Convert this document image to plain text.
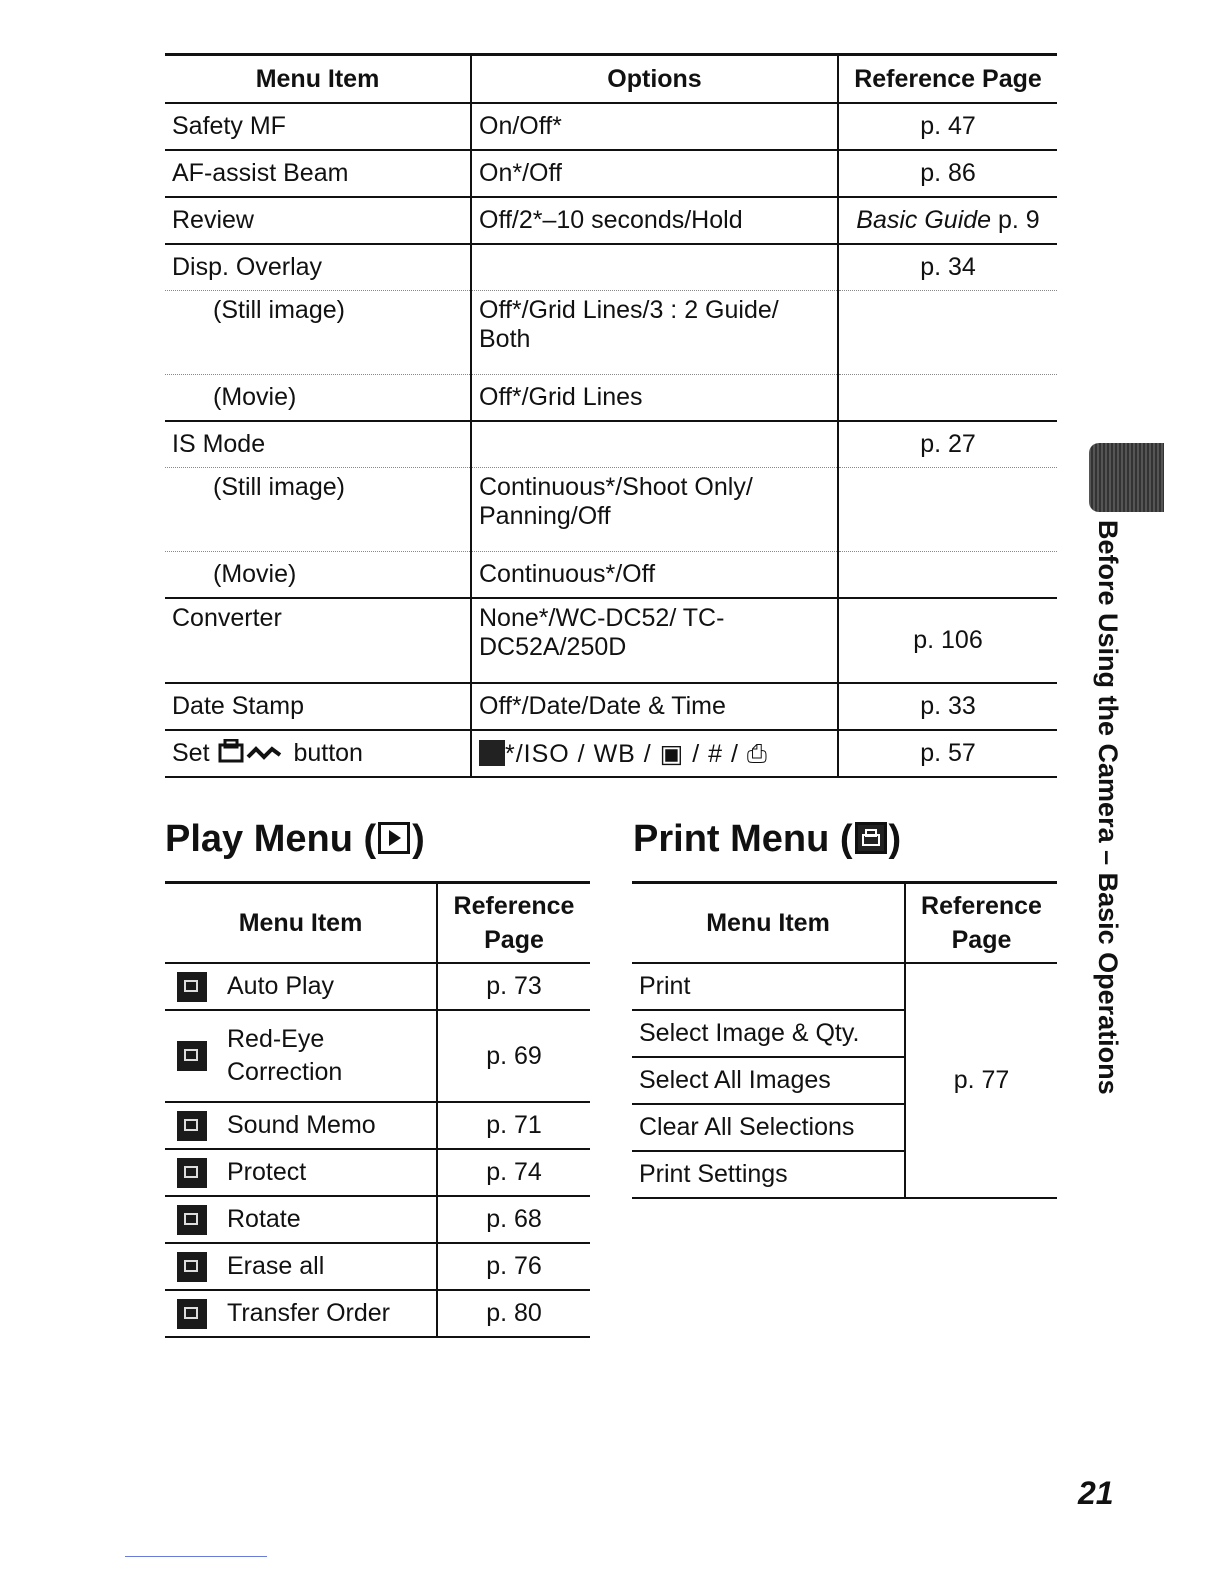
Menu Item	Options	Reference Page
Safety MF	On/Off*	p. 47
AF-assist Beam	On*/Off	p. 86
Review	Off/2*–10 seconds/Hold	Basic Guide p. 9
Disp. Overlay		p. 34
(Still image)	Off*/Grid Lines/3 : 2 Guide/ Both	
(Movie)	Off*/Grid Lines	
IS Mode		p. 27
(Still image)	Continuous*/Shoot Only/ Panning/Off	
(Movie)	Continuous*/Off	
Converter	None*/WC-DC52/ TC-DC52A/250D	p. 106
Date Stamp	Off*/Date/Date & Time	p. 33
Set button	*/ISO / WB / ▣ / # / ⎙	p. 57
Play Menu ( )
Menu Item	Reference Page

Auto Play	p. 73

Red-Eye Correction	p. 69

Sound Memo	p. 71

Protect	p. 74

Rotate	p. 68

Erase all	p. 76

Transfer Order	p. 80
Print Menu ( )
Menu Item	Reference Page
Print	p. 77
Select Image & Qty.	
Select All Images	
Clear All Selections	
Print Settings	
Before Using the Camera – Basic Operations
21
